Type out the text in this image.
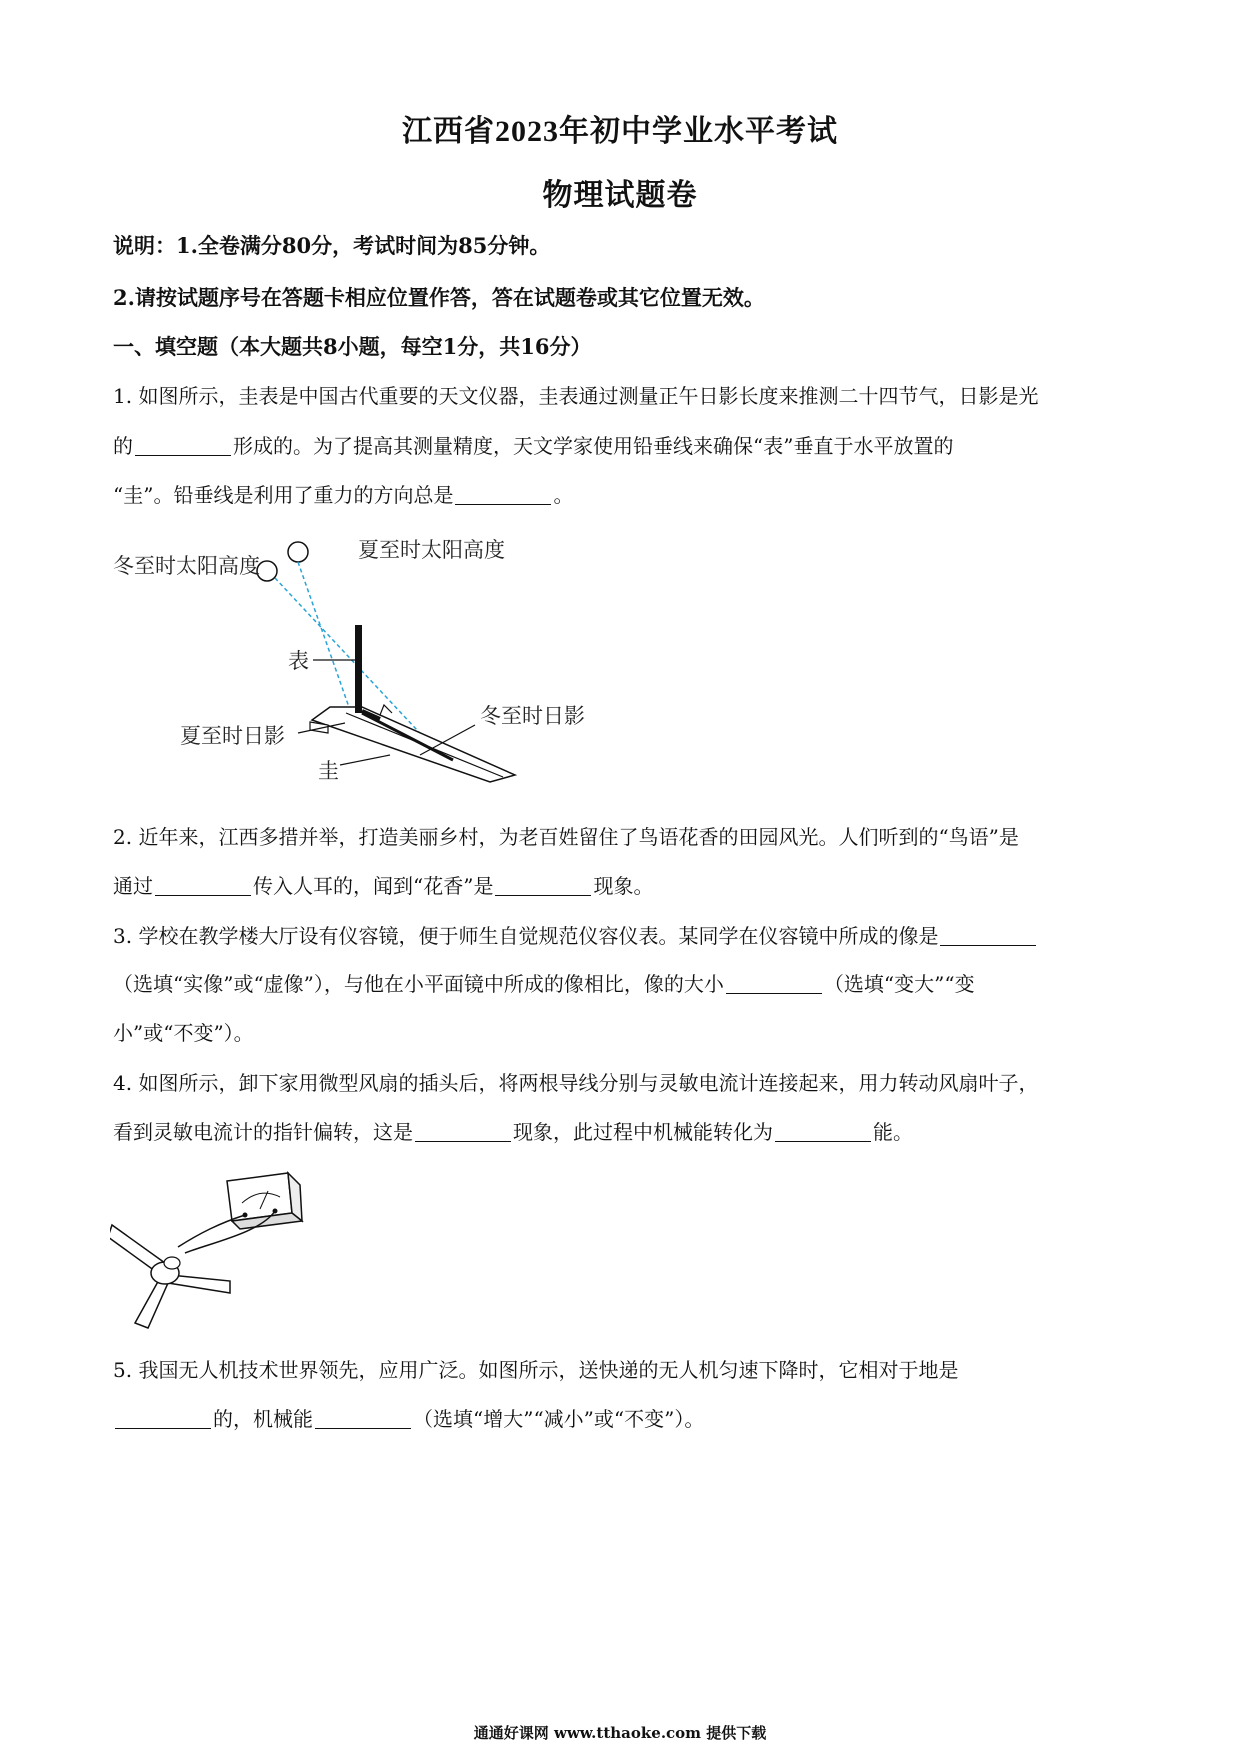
江西省2023年初中学业水平考试
物理试题卷
说明：1.全卷满分80分，考试时间为85分钟。
2.请按试题序号在答题卡相应位置作答，答在试题卷或其它位置无效。
一、填空题（本大题共8小题，每空1分，共16分）
1. 如图所示，圭表是中国古代重要的天文仪器，圭表通过测量正午日影长度来推测二十四节气，日影是光
的	形成的。为了提高其测量精度，天文学家使用铅垂线来确保“表”垂直于水平放置的
“圭”。铅垂线是利用了重力的方向总是	。
冬至时太阳高度
夏至时太阳高度
表
夏至时日影
冬至时日影
圭
2. 近年来，江西多措并举，打造美丽乡村，为老百姓留住了鸟语花香的田园风光。人们听到的“鸟语”是
通过	传入人耳的，闻到“花香”是	现象。
3. 学校在教学楼大厅设有仪容镜，便于师生自觉规范仪容仪表。某同学在仪容镜中所成的像是
（选填“实像”或“虚像”），与他在小平面镜中所成的像相比，像的大小	（选填“变大”“变
小”或“不变”）。
4. 如图所示，卸下家用微型风扇的插头后，将两根导线分别与灵敏电流计连接起来，用力转动风扇叶子，
看到灵敏电流计的指针偏转，这是	现象，此过程中机械能转化为	能。
5. 我国无人机技术世界领先，应用广泛。如图所示，送快递的无人机匀速下降时，它相对于地是
的，机械能	（选填“增大”“减小”或“不变”）。
通通好课网 www.tthaoke.com 提供下载
